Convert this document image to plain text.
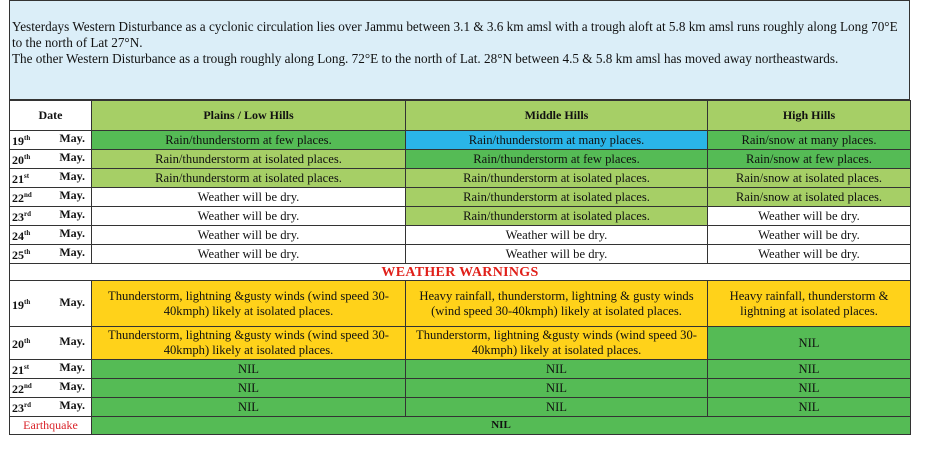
Yesterdays Western Disturbance as a cyclonic circulation lies over Jammu between 3.1 & 3.6 km amsl with a trough aloft at 5.8 km amsl runs roughly along Long 70°E to the north of Lat 27°N.

The other Western Disturbance as a trough roughly along Long. 72°E to the north of Lat. 28°N between 4.5 & 5.8 km amsl has moved away northeastwards.

Date	Plains / Low Hills	Middle Hills	High Hills
19th May.	Rain/thunderstorm at few places.	Rain/thunderstorm at many places.	Rain/snow at many places.
20th May.	Rain/thunderstorm at isolated places.	Rain/thunderstorm at few places.	Rain/snow at few places.
21st May.	Rain/thunderstorm at isolated places.	Rain/thunderstorm at isolated places.	Rain/snow at isolated places.
22nd May.	Weather will be dry.	Rain/thunderstorm at isolated places.	Rain/snow at isolated places.
23rd May.	Weather will be dry.	Rain/thunderstorm at isolated places.	Weather will be dry.
24th May.	Weather will be dry.	Weather will be dry.	Weather will be dry.
25th May.	Weather will be dry.	Weather will be dry.	Weather will be dry.
WEATHER WARNINGS			
19th May.	Thunderstorm, lightning &gusty winds (wind speed 30-40kmph) likely at isolated places.	Heavy rainfall, thunderstorm, lightning & gusty winds (wind speed 30-40kmph) likely at isolated places.	Heavy rainfall, thunderstorm & lightning at isolated places.
20th May.	Thunderstorm, lightning &gusty winds (wind speed 30-40kmph) likely at isolated places.	Thunderstorm, lightning &gusty winds (wind speed 30-40kmph) likely at isolated places.	NIL
21st May.	NIL	NIL	NIL
22nd May.	NIL	NIL	NIL
23rd May.	NIL	NIL	NIL
Earthquake	NIL		
